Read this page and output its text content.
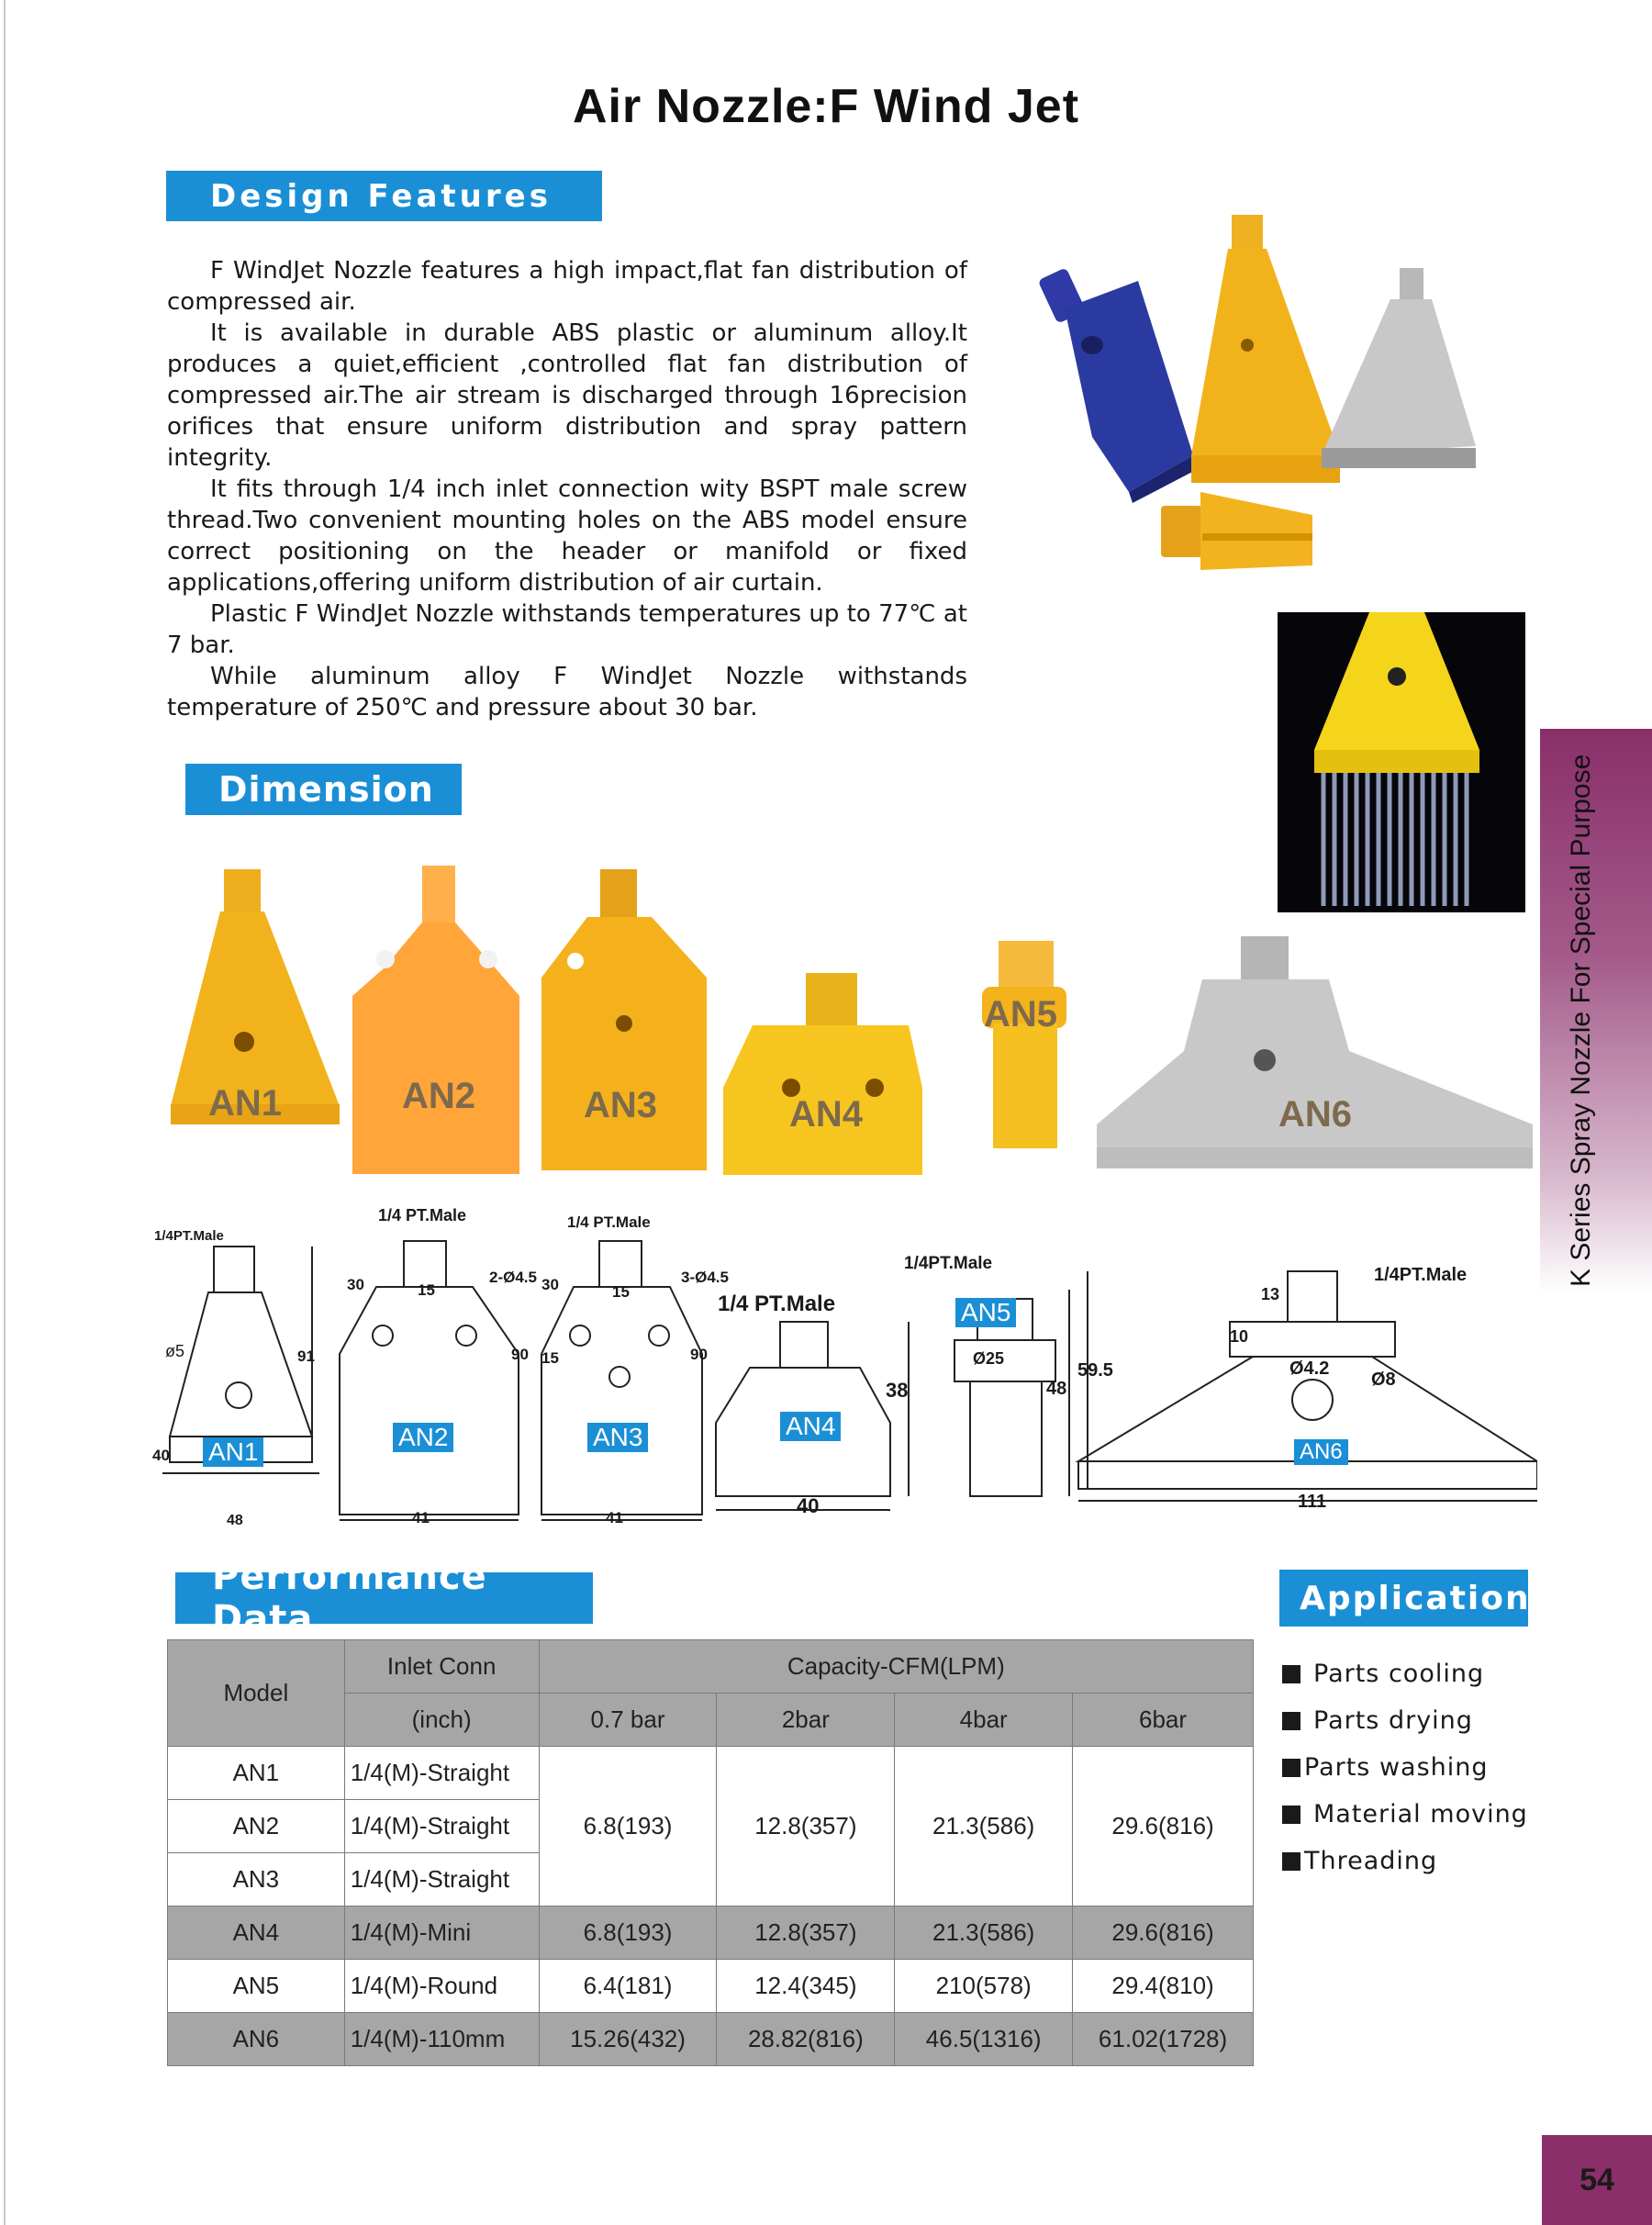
Air Nozzle:F Wind Jet
Design Features

F WindJet Nozzle features a high impact,flat fan distribution of compressed air.

It is available in durable ABS plastic or aluminum alloy.It produces a quiet,efficient ,controlled flat fan distribution of compressed air.The air stream is discharged through 16precision orifices that ensure uniform distribution and spray pattern integrity.

It fits through 1/4 inch inlet connection wity BSPT male screw thread.Two convenient mounting holes on the ABS model ensure correct positioning on the header or manifold or fixed applications,offering uniform distribution of air curtain.

Plastic F WindJet Nozzle withstands temperatures up to 77℃ at 7 bar.

While aluminum alloy F WindJet Nozzle withstands temperature of 250℃ and pressure about 30 bar.

K Series Spray Nozzle For Special Purpose
Dimension
AN1	AN2	AN3	AN4
AN5
AN6
1/4PT.Male
ø5	91
40
48
AN1
1/4 PT.Male
30	15
2-Ø4.5
90
41
AN2
1/4 PT.Male
30	15
3-Ø4.5
15	90
41
AN3
1/4 PT.Male
38
40
AN4
1/4PT.Male
Ø25
48
AN5
1/4PT.Male
13
10
Ø4.2
Ø8
59.5
111
AN6
Performance Data
Model	Inlet Conn	Capacity-CFM(LPM)			
	(inch)	0.7 bar	2bar	4bar	6bar
AN1	1/4(M)-Straight	6.8(193)	12.8(357)	21.3(586)	29.6(816)
AN2	1/4(M)-Straight				
AN3	1/4(M)-Straight				
AN4	1/4(M)-Mini	6.8(193)	12.8(357)	21.3(586)	29.6(816)
AN5	1/4(M)-Round	6.4(181)	12.4(345)	210(578)	29.4(810)
AN6	1/4(M)-110mm	15.26(432)	28.82(816)	46.5(1316)	61.02(1728)
Application
Parts cooling
Parts drying
Parts washing
Material moving
Threading
54
